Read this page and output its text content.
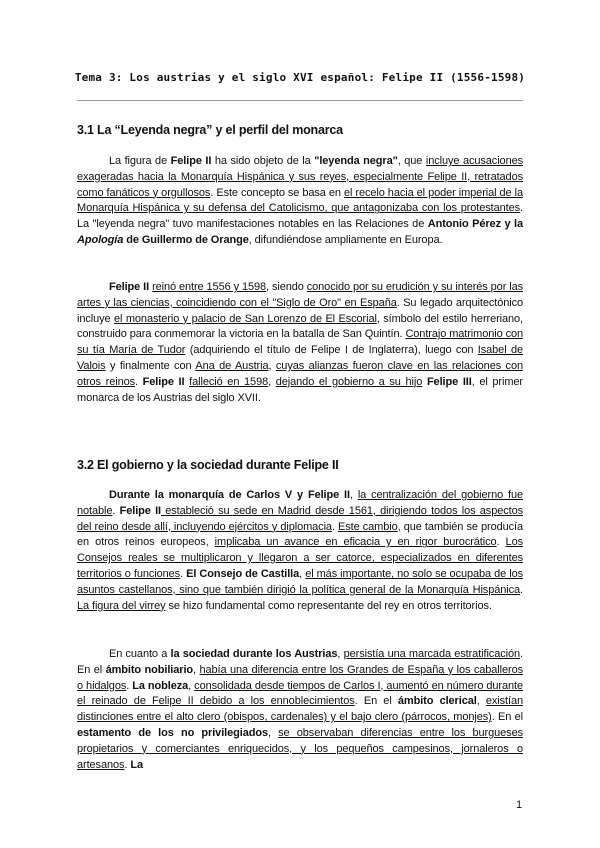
Tema 3: Los austrias y el siglo XVI español: Felipe II (1556-1598)
3.1 La “Leyenda negra” y el perfil del monarca

La figura de Felipe II ha sido objeto de la "leyenda negra", que incluye acusaciones exageradas hacia la Monarquía Hispánica y sus reyes, especialmente Felipe II, retratados como fanáticos y orgullosos. Este concepto se basa en el recelo hacia el poder imperial de la Monarquía Hispánica y su defensa del Catolicismo, que antagonizaba con los protestantes. La "leyenda negra" tuvo manifestaciones notables en las Relaciones de Antonio Pérez y la Apología de Guillermo de Orange, difundiéndose ampliamente en Europa.

Felipe II reinó entre 1556 y 1598, siendo conocido por su erudición y su interés por las artes y las ciencias, coincidiendo con el "Siglo de Oro" en España. Su legado arquitectónico incluye el monasterio y palacio de San Lorenzo de El Escorial, símbolo del estilo herreriano, construido para conmemorar la victoria en la batalla de San Quintín. Contrajo matrimonio con su tía María de Tudor (adquiriendo el título de Felipe I de Inglaterra), luego con Isabel de Valois y finalmente con Ana de Austria, cuyas alianzas fueron clave en las relaciones con otros reinos. Felipe II falleció en 1598, dejando el gobierno a su hijo Felipe III, el primer monarca de los Austrias del siglo XVII.

3.2 El gobierno y la sociedad durante Felipe II

Durante la monarquía de Carlos V y Felipe II, la centralización del gobierno fue notable. Felipe II estableció su sede en Madrid desde 1561, dirigiendo todos los aspectos del reino desde allí, incluyendo ejércitos y diplomacia. Este cambio, que también se producía en otros reinos europeos, implicaba un avance en eficacia y en rigor burocrático. Los Consejos reales se multiplicaron y llegaron a ser catorce, especializados en diferentes territorios o funciones. El Consejo de Castilla, el más importante, no solo se ocupaba de los asuntos castellanos, sino que también dirigió la política general de la Monarquía Hispánica. La figura del virrey se hizo fundamental como representante del rey en otros territorios.

En cuanto a la sociedad durante los Austrias, persistía una marcada estratificación. En el ámbito nobiliario, había una diferencia entre los Grandes de España y los caballeros o hidalgos. La nobleza, consolidada desde tiempos de Carlos I, aumentó en número durante el reinado de Felipe II debido a los ennoblecimientos. En el ámbito clerical, existían distinciones entre el alto clero (obispos, cardenales) y el bajo clero (párrocos, monjes). En el estamento de los no privilegiados, se observaban diferencias entre los burgueses propietarios y comerciantes enriquecidos, y los pequeños campesinos, jornaleros o artesanos. La

1
